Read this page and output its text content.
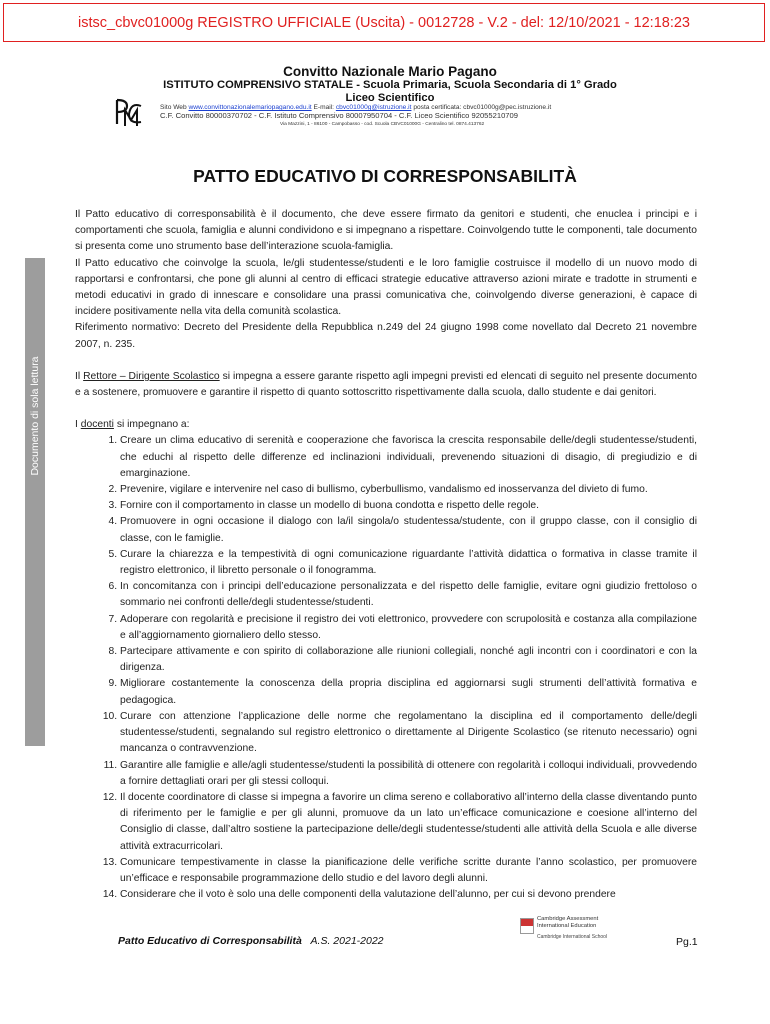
istsc_cbvc01000g REGISTRO UFFICIALE (Uscita) - 0012728 - V.2 - del: 12/10/2021 - 12:18:23
Convitto Nazionale Mario Pagano
ISTITUTO COMPRENSIVO STATALE - Scuola Primaria, Scuola Secondaria di 1° Grado
Liceo Scientifico
Sito Web www.convittonazionalemariopagano.edu.it E-mail: cbvc01000g@istruzione.it posta certificata: cbvc01000g@pec.istruzione.it
C.F. Convitto 80000370702 - C.F. Istituto Comprensivo 80007950704 - C.F. Liceo Scientifico 92055210709
Via Mazzini, 1 - 86100 - Campobasso - cod. Scuola CBVC01000G - Centralino tel. 0874.413762
PATTO EDUCATIVO DI CORRESPONSABILITÀ
Documento di sola lettura

Il Patto educativo di corresponsabilità è il documento, che deve essere firmato da genitori e studenti, che enuclea i principi e i comportamenti che scuola, famiglia e alunni condividono e si impegnano a rispettare. Coinvolgendo tutte le componenti, tale documento si presenta come uno strumento base dell’interazione scuola-famiglia.

Il Patto educativo che coinvolge la scuola, le/gli studentesse/studenti e le loro famiglie costruisce il modello di un nuovo modo di rapportarsi e confrontarsi, che pone gli alunni al centro di efficaci strategie educative attraverso azioni mirate e tradotte in strumenti e metodi educativi in grado di innescare e consolidare una prassi comunicativa che, coinvolgendo diverse generazioni, è capace di incidere positivamente nella vita della comunità scolastica.

Riferimento normativo: Decreto del Presidente della Repubblica n.249 del 24 giugno 1998 come novellato dal Decreto 21 novembre 2007, n. 235.

Il Rettore – Dirigente Scolastico si impegna a essere garante rispetto agli impegni previsti ed elencati di seguito nel presente documento e a sostenere, promuovere e garantire il rispetto di quanto sottoscritto rispettivamente dalla scuola, dallo studente e dai genitori.

I docenti si impegnano a:

1. Creare un clima educativo di serenità e cooperazione che favorisca la crescita responsabile delle/degli studentesse/studenti, che educhi al rispetto delle differenze ed inclinazioni individuali, prevenendo situazioni di disagio, di pregiudizio e di emarginazione.
2. Prevenire, vigilare e intervenire nel caso di bullismo, cyberbullismo, vandalismo ed inosservanza del divieto di fumo.
3. Fornire con il comportamento in classe un modello di buona condotta e rispetto delle regole.
4. Promuovere in ogni occasione il dialogo con la/il singola/o studentessa/studente, con il gruppo classe, con il consiglio di classe, con le famiglie.
5. Curare la chiarezza e la tempestività di ogni comunicazione riguardante l’attività didattica o formativa in classe tramite il registro elettronico, il libretto personale o il fonogramma.
6. In concomitanza con i principi dell’educazione personalizzata e del rispetto delle famiglie, evitare ogni giudizio frettoloso o sommario nei confronti delle/degli studentesse/studenti.
7. Adoperare con regolarità e precisione il registro dei voti elettronico, provvedere con scrupolosità e costanza alla compilazione e all’aggiornamento giornaliero dello stesso.
8. Partecipare attivamente e con spirito di collaborazione alle riunioni collegiali, nonché agli incontri con i coordinatori e con la dirigenza.
9. Migliorare costantemente la conoscenza della propria disciplina ed aggiornarsi sugli strumenti dell’attività formativa e pedagogica.
10. Curare con attenzione l’applicazione delle norme che regolamentano la disciplina ed il comportamento delle/degli studentesse/studenti, segnalando sul registro elettronico o direttamente al Dirigente Scolastico (se ritenuto necessario) ogni mancanza o contravvenzione.
11. Garantire alle famiglie e alle/agli studentesse/studenti la possibilità di ottenere con regolarità i colloqui individuali, provvedendo a fornire dettagliati orari per gli stessi colloqui.
12. Il docente coordinatore di classe si impegna a favorire un clima sereno e collaborativo all’interno della classe diventando punto di riferimento per le famiglie e per gli alunni, promuove da un lato un’efficace comunicazione e coesione all’interno del Consiglio di classe, dall’altro sostiene la partecipazione delle/degli studentesse/studenti alle attività della Scuola e alle diverse attività extracurricolari.
13. Comunicare tempestivamente in classe la pianificazione delle verifiche scritte durante l’anno scolastico, per promuovere un’efficace e responsabile programmazione dello studio e del lavoro degli alunni.
14. Considerare che il voto è solo una delle componenti della valutazione dell’alunno, per cui si devono prendere
Patto Educativo di Corresponsabilità A.S. 2021-2022
Cambridge Assessment
International Education
Cambridge International School	Pg.1
